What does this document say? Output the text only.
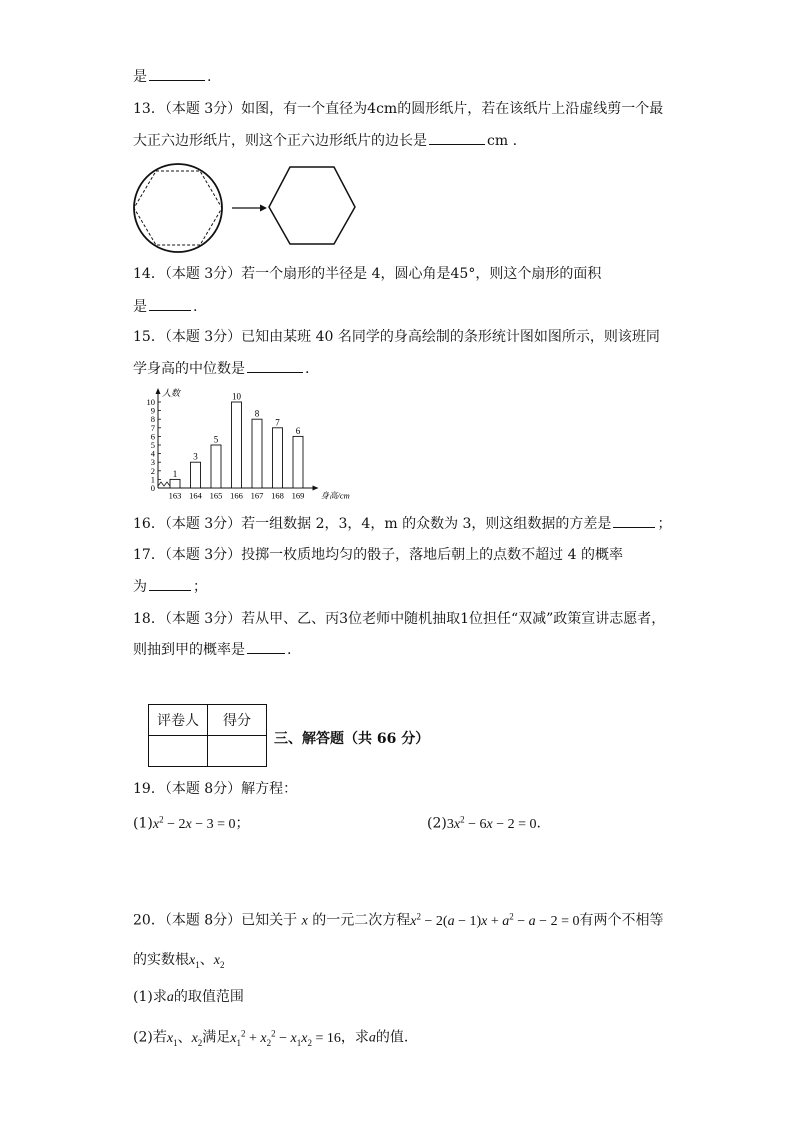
是	.
13．（本题 3分）如图，有一个直径为4cm的圆形纸片，若在该纸片上沿虚线剪一个最
大正六边形纸片，则这个正六边形纸片的边长是	cm .
14．（本题 3分）若一个扇形的半径是 4，圆心角是45°，则这个扇形的面积
是	.
15．（本题 3分）已知由某班 40 名同学的身高绘制的条形统计图如图所示，则该班同
学身高的中位数是	.
人数
0
1
2
3
4
5
6
7
8
9
10
1
163
3
164
5
165
10
166
8
167
7
168
6
169 身高/cm
16．（本题 3分）若一组数据 2，3，4，m 的众数为 3，则这组数据的方差是	；
17．（本题 3分）投掷一枚质地均匀的骰子，落地后朝上的点数不超过 4 的概率
为	；
18．（本题 3分）若从甲、乙、丙3位老师中随机抽取1位担任“双减”政策宣讲志愿者，
则抽到甲的概率是	.
评卷人	得分

三、解答题（共 66 分）
19．（本题 8分）解方程：
$(1)x^2 - 2x - 3 = 0$；	$(2)3x^2 - 6x - 2 = 0$.
20．（本题 8分）已知关于 x 的一元二次方程$x^2 - 2(a - 1)x + a^2 - a - 2 = 0$有两个不相等
的实数根$x_1$、$x_2$
(1)求a的取值范围
(2)若$x_1$、$x_2$满足$x_1^2 + x_2^2 - x_1x_2 = 16$，求a的值.
